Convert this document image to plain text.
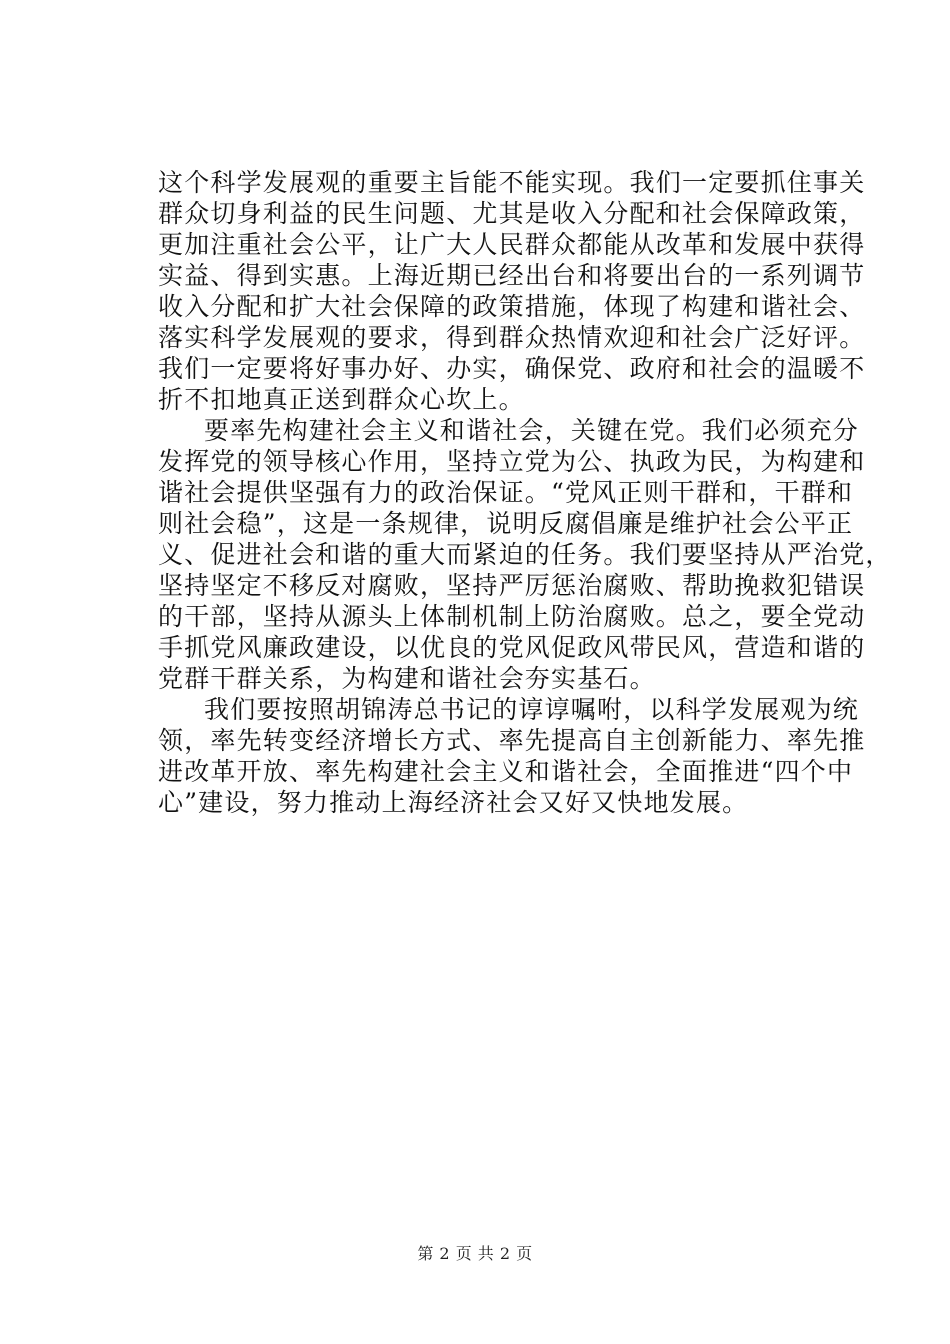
这个科学发展观的重要主旨能不能实现。我们一定要抓住事关
群众切身利益的民生问题、尤其是收入分配和社会保障政策，
更加注重社会公平，让广大人民群众都能从改革和发展中获得
实益、得到实惠。上海近期已经出台和将要出台的一系列调节
收入分配和扩大社会保障的政策措施，体现了构建和谐社会、
落实科学发展观的要求，得到群众热情欢迎和社会广泛好评。
我们一定要将好事办好、办实，确保党、政府和社会的温暖不
折不扣地真正送到群众心坎上。
要率先构建社会主义和谐社会，关键在党。我们必须充分
发挥党的领导核心作用，坚持立党为公、执政为民，为构建和
谐社会提供坚强有力的政治保证。“党风正则干群和，干群和
则社会稳”，这是一条规律，说明反腐倡廉是维护社会公平正
义、促进社会和谐的重大而紧迫的任务。我们要坚持从严治党，
坚持坚定不移反对腐败，坚持严厉惩治腐败、帮助挽救犯错误
的干部，坚持从源头上体制机制上防治腐败。总之，要全党动
手抓党风廉政建设，以优良的党风促政风带民风，营造和谐的
党群干群关系，为构建和谐社会夯实基石。
我们要按照胡锦涛总书记的谆谆嘱咐，以科学发展观为统
领，率先转变经济增长方式、率先提高自主创新能力、率先推
进改革开放、率先构建社会主义和谐社会，全面推进“四个中
心”建设，努力推动上海经济社会又好又快地发展。
第 2 页 共 2 页
